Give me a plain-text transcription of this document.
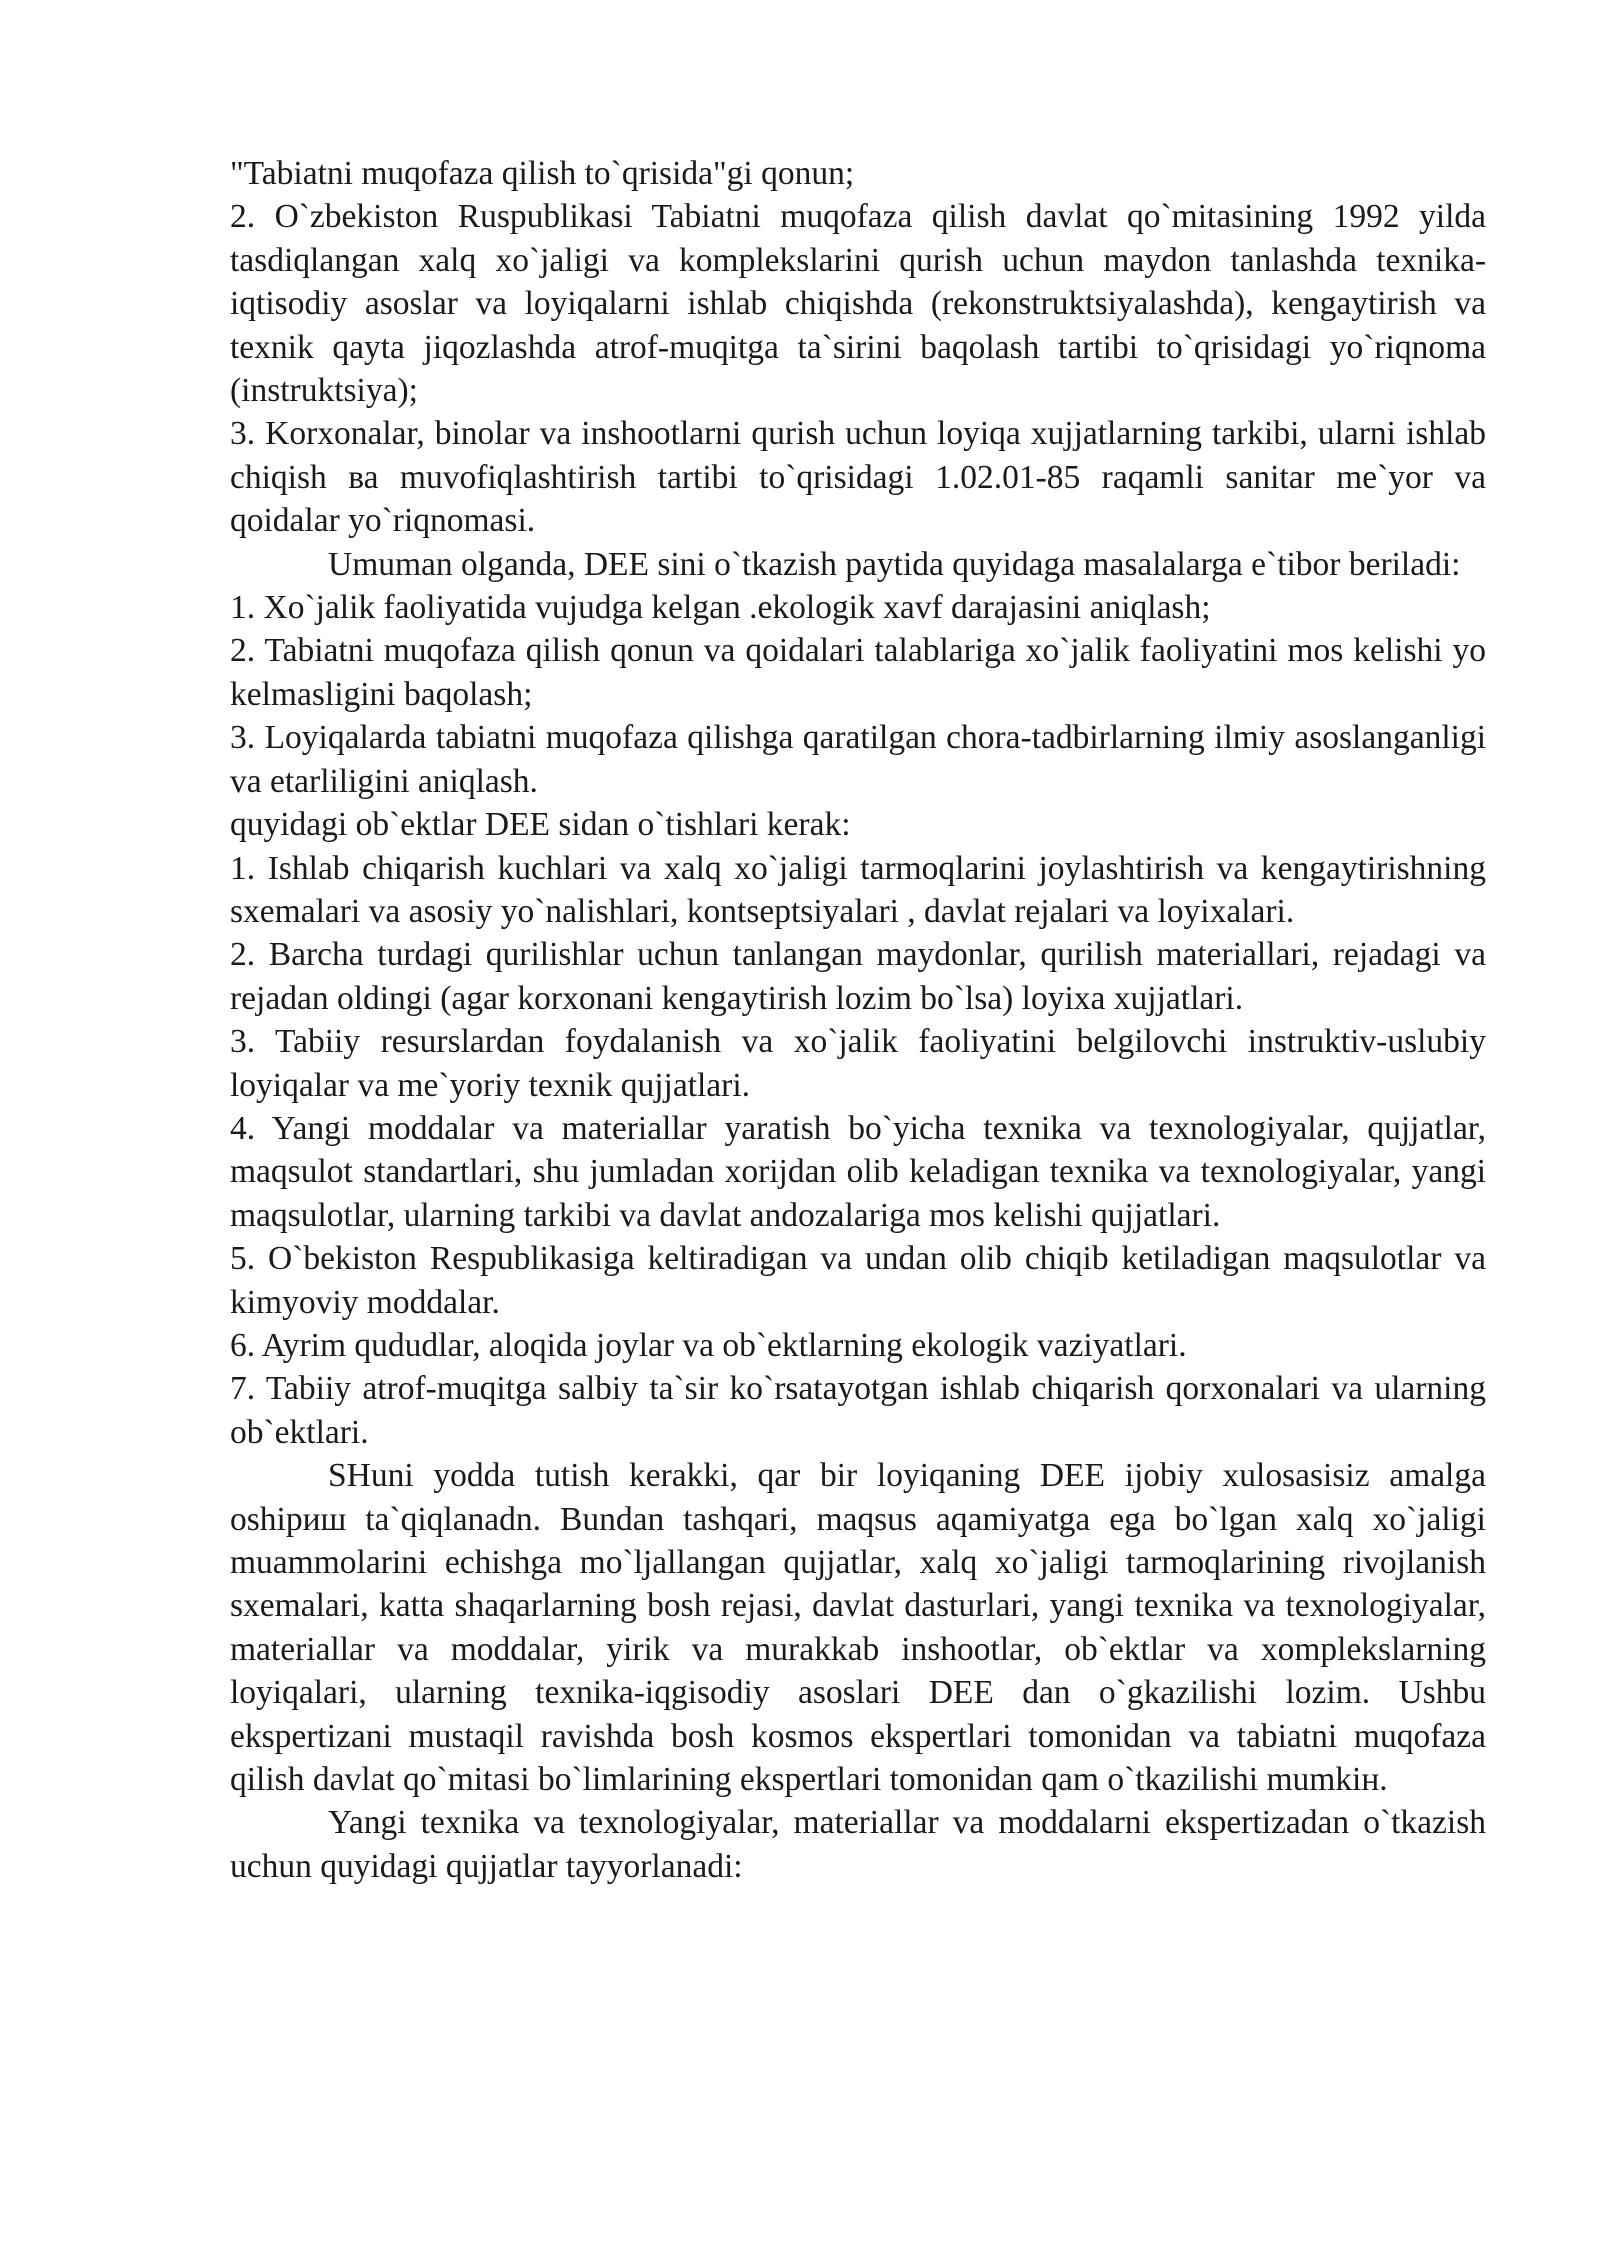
"Tabiatni muqofaza qilish to`qrisida"gi qonun;

2. O`zbekiston Ruspublikasi Tabiatni muqofaza qilish davlat qo`mitasining 1992 yilda tasdiqlangan xalq xo`jaligi va komplekslarini qurish uchun maydon tanlashda texnika-iqtisodiy asoslar va loyiqalarni ishlab chiqishda (rekonstruktsiyalashda), kengaytirish va texnik qayta jiqozlashda atrof-muqitga ta`sirini baqolash tartibi to`qrisidagi yo`riqnoma (instruktsiya);

3. Korxonalar, binolar va inshootlarni qurish uchun loyiqa xujjatlarning tarkibi, ularni ishlab chiqish ва muvofiqlashtirish tartibi to`qrisidagi 1.02.01-85 raqamli sanitar me`yor va qoidalar yo`riqnomasi.

Umuman olganda, DEE sini o`tkazish paytida quyidaga masalalarga e`tibor beriladi:

1. Xo`jalik faoliyatida vujudga kelgan .ekologik xavf darajasini aniqlash;

2. Tabiatni muqofaza qilish qonun va qoidalari talablariga xo`jalik faoliyatini mos kelishi yo kelmasligini baqolash;

3. Loyiqalarda tabiatni muqofaza qilishga qaratilgan chora-tadbirlarning ilmiy asoslanganligi va etarliligini aniqlash.

quyidagi ob`ektlar DEE sidan o`tishlari kerak:

1. Ishlab chiqarish kuchlari va xalq xo`jaligi tarmoqlarini joylashtirish va kengaytirishning sxemalari va asosiy yo`nalishlari, kontseptsiyalari , davlat rejalari va loyixalari.

2. Barcha turdagi qurilishlar uchun tanlangan maydonlar, qurilish materiallari, rejadagi va rejadan oldingi (agar korxonani kengaytirish lozim bo`lsa) loyixa xujjatlari.

3. Tabiiy resurslardan foydalanish va xo`jalik faoliyatini belgilovchi instruktiv-uslubiy loyiqalar va me`yoriy texnik qujjatlari.

4. Yangi moddalar va materiallar yaratish bo`yicha texnika va texnologiyalar, qujjatlar, maqsulot standartlari, shu jumladan xorijdan olib keladigan texnika va texnologiyalar, yangi maqsulotlar, ularning tarkibi va davlat andozalariga mos kelishi qujjatlari.

5. O`bekiston Respublikasiga keltiradigan va undan olib chiqib ketiladigan maqsulotlar va kimyoviy moddalar.

6. Ayrim qududlar, aloqida joylar va ob`ektlarning ekologik vaziyatlari.

7. Tabiiy atrof-muqitga salbiy ta`sir ko`rsatayotgan ishlab chiqarish qorxonalari va ularning ob`ektlari.

SHuni yodda tutish kerakki, qar bir loyiqaning DEE ijobiy xulosasisiz amalga oshiриш ta`qiqlanadn. Bundan tashqari, maqsus aqamiyatga ega bo`lgan xalq xo`jaligi muammolarini echishga mo`ljallangan qujjatlar, xalq xo`jaligi tarmoqlarining rivojlanish sxemalari, katta shaqarlarning bosh rejasi, davlat dasturlari, yangi texnika va texnologiyalar, materiallar va moddalar, yirik va murakkab inshootlar, ob`ektlar va xomplekslarning loyiqalari, ularning texnika-iqgisodiy asoslari DEE dan o`gkazilishi lozim. Ushbu ekspertizani mustaqil ravishda bosh kosmos ekspertlari tomonidan va tabiatni muqofaza qilish davlat qo`mitasi bo`limlarining ekspertlari tomonidan qam o`tkazilishi mumkiн.

Yangi texnika va texnologiyalar, materiallar va moddalarni ekspertizadan o`tkazish uchun quyidagi qujjatlar tayyorlanadi:
